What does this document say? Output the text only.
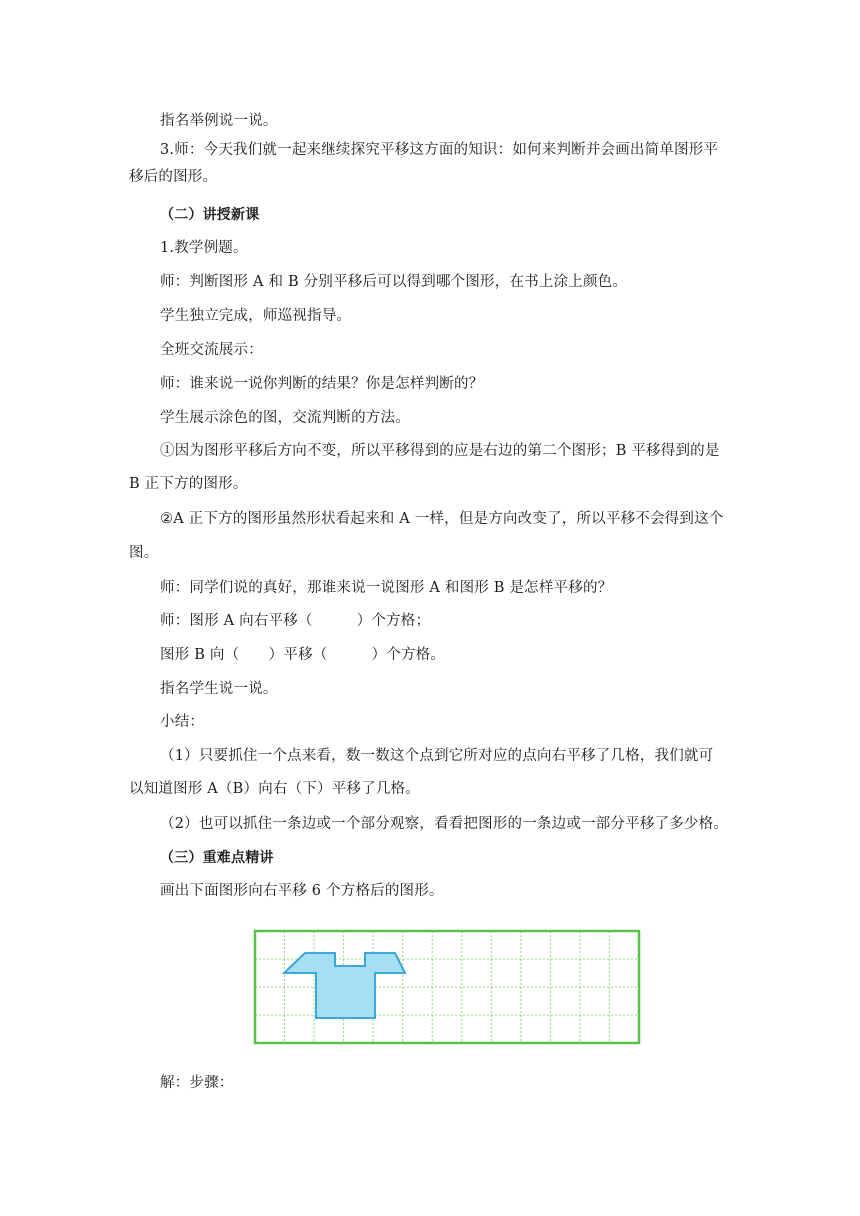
指名举例说一说。
3.师：今天我们就一起来继续探究平移这方面的知识：如何来判断并会画出简单图形平
移后的图形。
（二）讲授新课
1.教学例题。
师：判断图形 A 和 B 分别平移后可以得到哪个图形，在书上涂上颜色。
学生独立完成，师巡视指导。
全班交流展示：
师：谁来说一说你判断的结果？你是怎样判断的？
学生展示涂色的图，交流判断的方法。
①因为图形平移后方向不变，所以平移得到的应是右边的第二个图形；B 平移得到的是
B 正下方的图形。
②A 正下方的图形虽然形状看起来和 A 一样，但是方向改变了，所以平移不会得到这个
图。
师：同学们说的真好，那谁来说一说图形 A 和图形 B 是怎样平移的？
师：图形 A 向右平移（　　　）个方格；
图形 B 向（　　）平移（　　　）个方格。
指名学生说一说。
小结：
（1）只要抓住一个点来看，数一数这个点到它所对应的点向右平移了几格，我们就可
以知道图形 A（B）向右（下）平移了几格。
（2）也可以抓住一条边或一个部分观察，看看把图形的一条边或一部分平移了多少格。
（三）重难点精讲
画出下面图形向右平移 6 个方格后的图形。
解：步骤：
